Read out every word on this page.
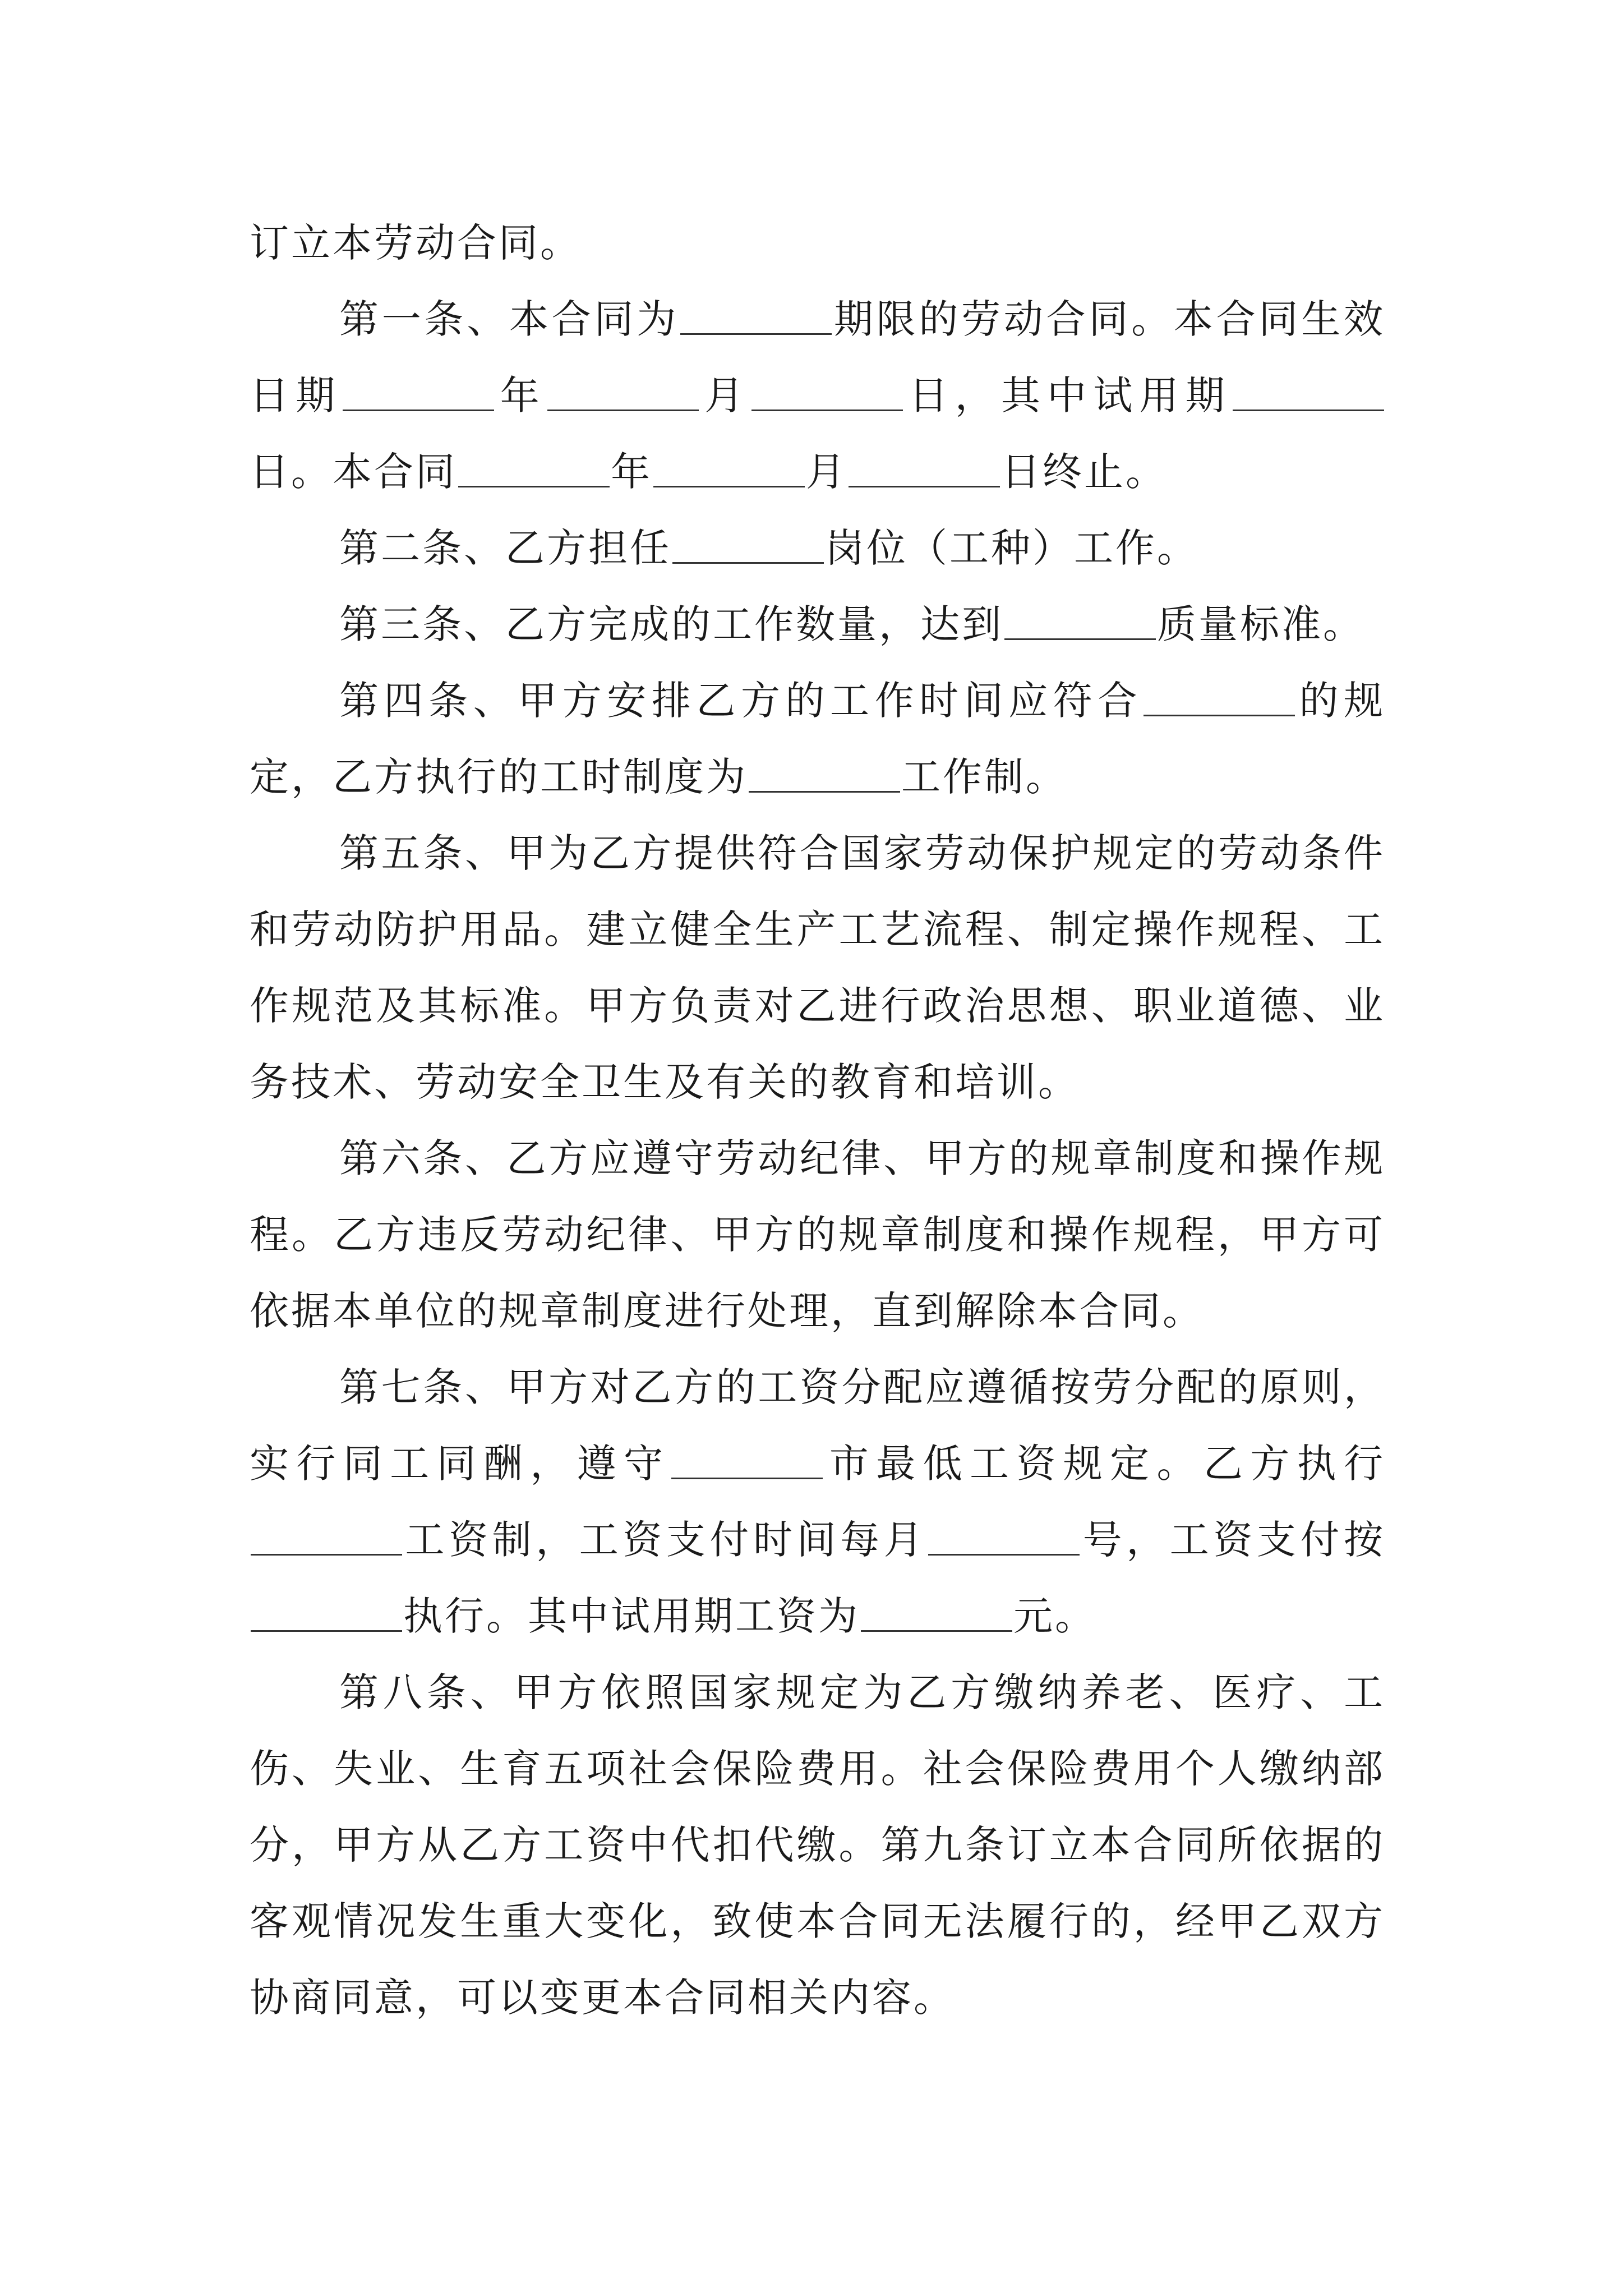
订立本劳动合同。

第一条、本合同为	期限的劳动合同。本合同生效日期	年	月	日，其中试用期日。本合同	年	月	日终止。

第二条、乙方担任	岗位（工种）工作。

第三条、乙方完成的工作数量，达到	质量标准。

第四条、甲方安排乙方的工作时间应符合	的规定，乙方执行的工时制度为	工作制。

第五条、甲为乙方提供符合国家劳动保护规定的劳动条件和劳动防护用品。建立健全生产工艺流程、制定操作规程、工作规范及其标准。甲方负责对乙进行政治思想、职业道德、业务技术、劳动安全卫生及有关的教育和培训。

第六条、乙方应遵守劳动纪律、甲方的规章制度和操作规程。乙方违反劳动纪律、甲方的规章制度和操作规程，甲方可依据本单位的规章制度进行处理，直到解除本合同。

第七条、甲方对乙方的工资分配应遵循按劳分配的原则，实行同工同酬，遵守	市最低工资规定。乙方执行工资制，工资支付时间每月	号，工资支付按执行。其中试用期工资为	元。

第八条、甲方依照国家规定为乙方缴纳养老、医疗、工伤、失业、生育五项社会保险费用。社会保险费用个人缴纳部分，甲方从乙方工资中代扣代缴。第九条订立本合同所依据的客观情况发生重大变化，致使本合同无法履行的，经甲乙双方协商同意，可以变更本合同相关内容。
